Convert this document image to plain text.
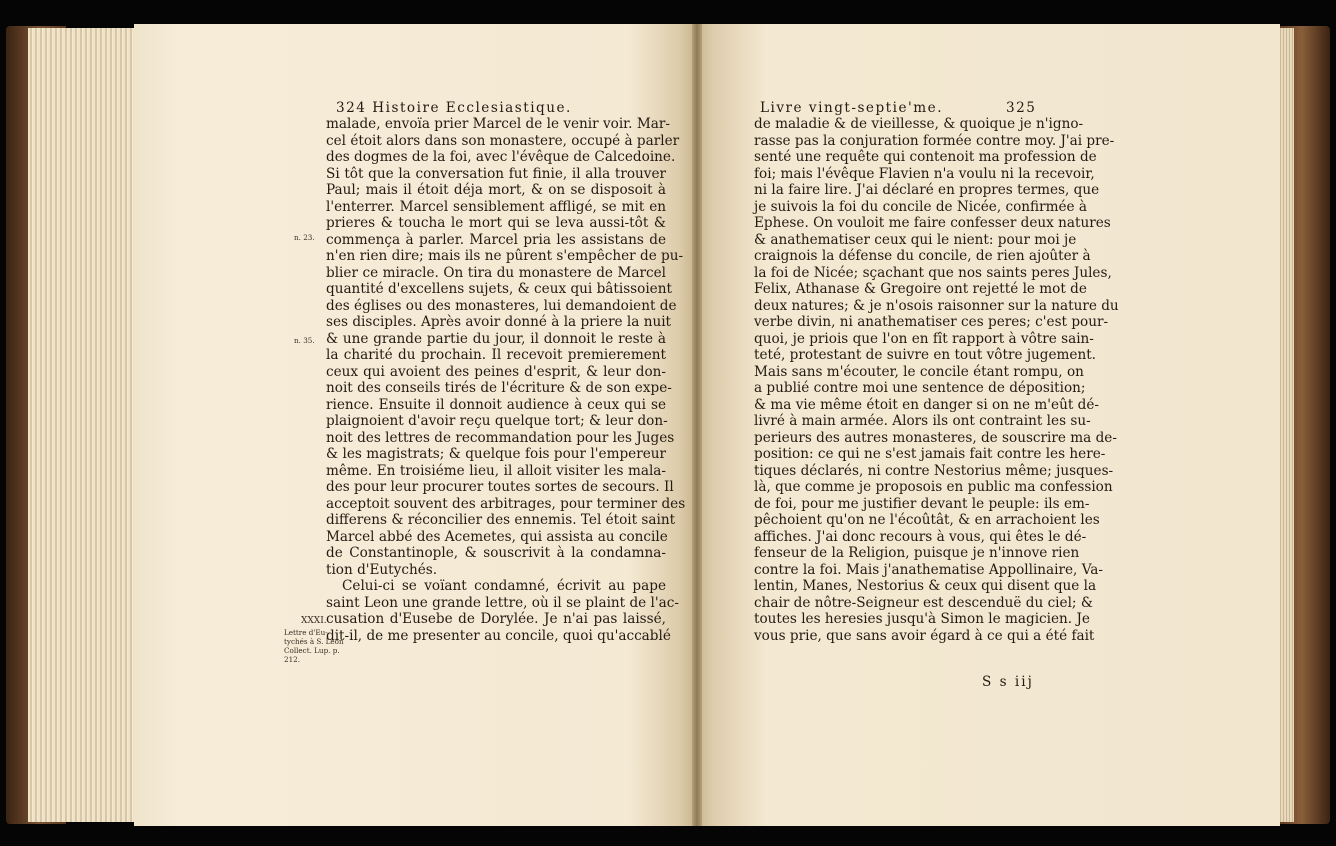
324 Histoire Ecclesiastique.
malade, envoïa prier Marcel de le venir voir. Mar-
cel étoit alors dans son monastere, occupé à parler
des dogmes de la foi, avec l'évêque de Calcedoine.
Si tôt que la conversation fut finie, il alla trouver
Paul; mais il étoit déja mort, & on se disposoit à
l'enterrer. Marcel sensiblement affligé, se mit en
prieres & toucha le mort qui se leva aussi-tôt &
commença à parler. Marcel pria les assistans de
n'en rien dire; mais ils ne pûrent s'empêcher de pu-
blier ce miracle. On tira du monastere de Marcel
quantité d'excellens sujets, & ceux qui bâtissoient
des églises ou des monasteres, lui demandoient de
ses disciples. Après avoir donné à la priere la nuit
& une grande partie du jour, il donnoit le reste à
la charité du prochain. Il recevoit premierement
ceux qui avoient des peines d'esprit, & leur don-
noit des conseils tirés de l'écriture & de son expe-
rience. Ensuite il donnoit audience à ceux qui se
plaignoient d'avoir reçu quelque tort; & leur don-
noit des lettres de recommandation pour les Juges
& les magistrats; & quelque fois pour l'empereur
même. En troisiéme lieu, il alloit visiter les mala-
des pour leur procurer toutes sortes de secours. Il
acceptoit souvent des arbitrages, pour terminer des
differens & réconcilier des ennemis. Tel étoit saint
Marcel abbé des Acemetes, qui assista au concile
de Constantinople, & souscrivit à la condamna-
tion d'Eutychés.
Celui-ci se voïant condamné, écrivit au pape
saint Leon une grande lettre, où il se plaint de l'ac-
cusation d'Eusebe de Dorylée. Je n'ai pas laissé,
dit-il, de me presenter au concile, quoi qu'accablé
n. 23.
n. 35.
XXXI.
Lettre d'Eu-
tychés à S. Leon
Collect. Lup. p.
212.
Livre vingt-septie'me.	325
de maladie & de vieillesse, & quoique je n'igno-
rasse pas la conjuration formée contre moy. J'ai pre-
senté une requête qui contenoit ma profession de
foi; mais l'évêque Flavien n'a voulu ni la recevoir,
ni la faire lire. J'ai déclaré en propres termes, que
je suivois la foi du concile de Nicée, confirmée à
Ephese. On vouloit me faire confesser deux natures
& anathematiser ceux qui le nient: pour moi je
craignois la défense du concile, de rien ajoûter à
la foi de Nicée; sçachant que nos saints peres Jules,
Felix, Athanase & Gregoire ont rejetté le mot de
deux natures; & je n'osois raisonner sur la nature du
verbe divin, ni anathematiser ces peres; c'est pour-
quoi, je priois que l'on en fît rapport à vôtre sain-
teté, protestant de suivre en tout vôtre jugement.
Mais sans m'écouter, le concile étant rompu, on
a publié contre moi une sentence de déposition;
& ma vie même étoit en danger si on ne m'eût dé-
livré à main armée. Alors ils ont contraint les su-
perieurs des autres monasteres, de souscrire ma de-
position: ce qui ne s'est jamais fait contre les here-
tiques déclarés, ni contre Nestorius même; jusques-
là, que comme je proposois en public ma confession
de foi, pour me justifier devant le peuple: ils em-
pêchoient qu'on ne l'écoûtât, & en arrachoient les
affiches. J'ai donc recours à vous, qui êtes le dé-
fenseur de la Religion, puisque je n'innove rien
contre la foi. Mais j'anathematise Appollinaire, Va-
lentin, Manes, Nestorius & ceux qui disent que la
chair de nôtre-Seigneur est descenduë du ciel; &
toutes les heresies jusqu'à Simon le magicien. Je
vous prie, que sans avoir égard à ce qui a été fait
S s iij
